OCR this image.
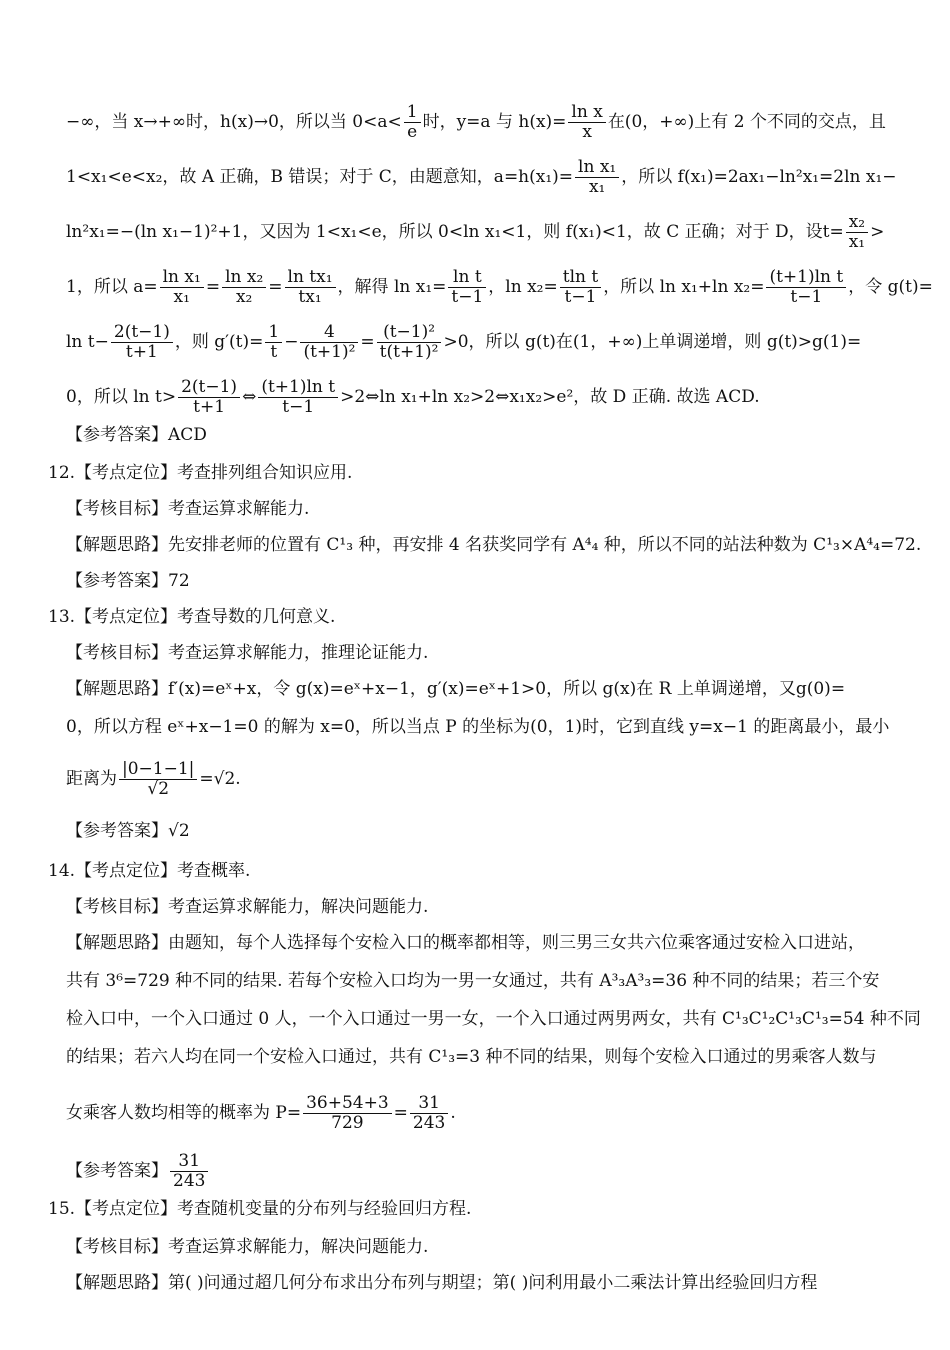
−∞，当 x→+∞时，h(x)→0，所以当 $0<a< \frac{1}{e}$ 时，y=a 与 $h(x)= \frac{\text{ln x}}{x}$ 在(0，+∞)上有 2 个不同的交点，且
1<x₁<e<x₂，故 A 正确，B 错误；对于 C，由题意知，$a=h(x_1)= \frac{\text{ln x₁}}{\text{x₁}}$ ，所以 f(x₁)=2ax₁−ln²x₁=2ln x₁−
ln²x₁=−(ln x₁−1)²+1，又因为 1<x₁<e，所以 0<ln x₁<1，则 f(x₁)<1，故 C 正确；对于 D，设$t= \frac{\text{x₂}}{\text{x₁}}$ >
1，所以 $a= \frac{\text{ln x₁}}{\text{x₁}} = \frac{\text{ln x₂}}{\text{x₂}} = \frac{\text{ln tx₁}}{\text{tx₁}}$ ，解得 $\ln x_1= \frac{\text{ln t}}{t-1}$ ，$\ln x_2= \frac{\text{tln t}}{t-1}$ ，所以 ln x₁+ln $x_2= \frac{\text{(t+1)ln t}}{t-1}$ ，令 g(t)=
$\ln t- \frac{2(t-1)}{t+1}$ ，则 $g'(t)= \frac{1}{t} - \frac{4}{\text{(t+1)²}} = \frac{\text{(t−1)²}}{\text{t(t+1)²}} >0$，所以 g(t)在(1，+∞)上单调递增，则 g(t)>g(1)=
0，所以 $\ln t> \frac{2(t-1)}{t+1}$ ⇔ $\frac{\text{(t+1)ln t}}{t-1}$ >2⇔ln x₁+ln x₂>2⇔x₁x₂>e²，故 D 正确. 故选 ACD.
【参考答案】ACD
12.【考点定位】考查排列组合知识应用.
【考核目标】考查运算求解能力.
【解题思路】先安排老师的位置有 C¹₃ 种，再安排 4 名获奖同学有 A⁴₄ 种，所以不同的站法种数为 C¹₃×A⁴₄=72.
【参考答案】72
13.【考点定位】考查导数的几何意义.
【考核目标】考查运算求解能力，推理论证能力.
【解题思路】f′(x)=eˣ+x，令 g(x)=eˣ+x−1，g′(x)=eˣ+1>0，所以 g(x)在 R 上单调递增，又g(0)=
0，所以方程 eˣ+x−1=0 的解为 x=0，所以当点 P 的坐标为(0，1)时，它到直线 y=x−1 的距离最小，最小
距离为 $\frac{|0-1-1|}{√2} =√2$.
【参考答案】√2
14.【考点定位】考查概率.
【考核目标】考查运算求解能力，解决问题能力.
【解题思路】由题知，每个人选择每个安检入口的概率都相等，则三男三女共六位乘客通过安检入口进站，
共有 3⁶=729 种不同的结果. 若每个安检入口均为一男一女通过，共有 A³₃A³₃=36 种不同的结果；若三个安
检入口中，一个入口通过 0 人，一个入口通过一男一女，一个入口通过两男两女，共有 C¹₃C¹₂C¹₃C¹₃=54 种不同
的结果；若六人均在同一个安检入口通过，共有 C¹₃=3 种不同的结果，则每个安检入口通过的男乘客人数与
女乘客人数均相等的概率为 $P= \frac{36+54+3}{729} = \frac{31}{243}$ .
【参考答案】 $\frac{31}{243}$
15.【考点定位】考查随机变量的分布列与经验回归方程.
【考核目标】考查运算求解能力，解决问题能力.
【解题思路】第( )问通过超几何分布求出分布列与期望；第( )问利用最小二乘法计算出经验回归方程
